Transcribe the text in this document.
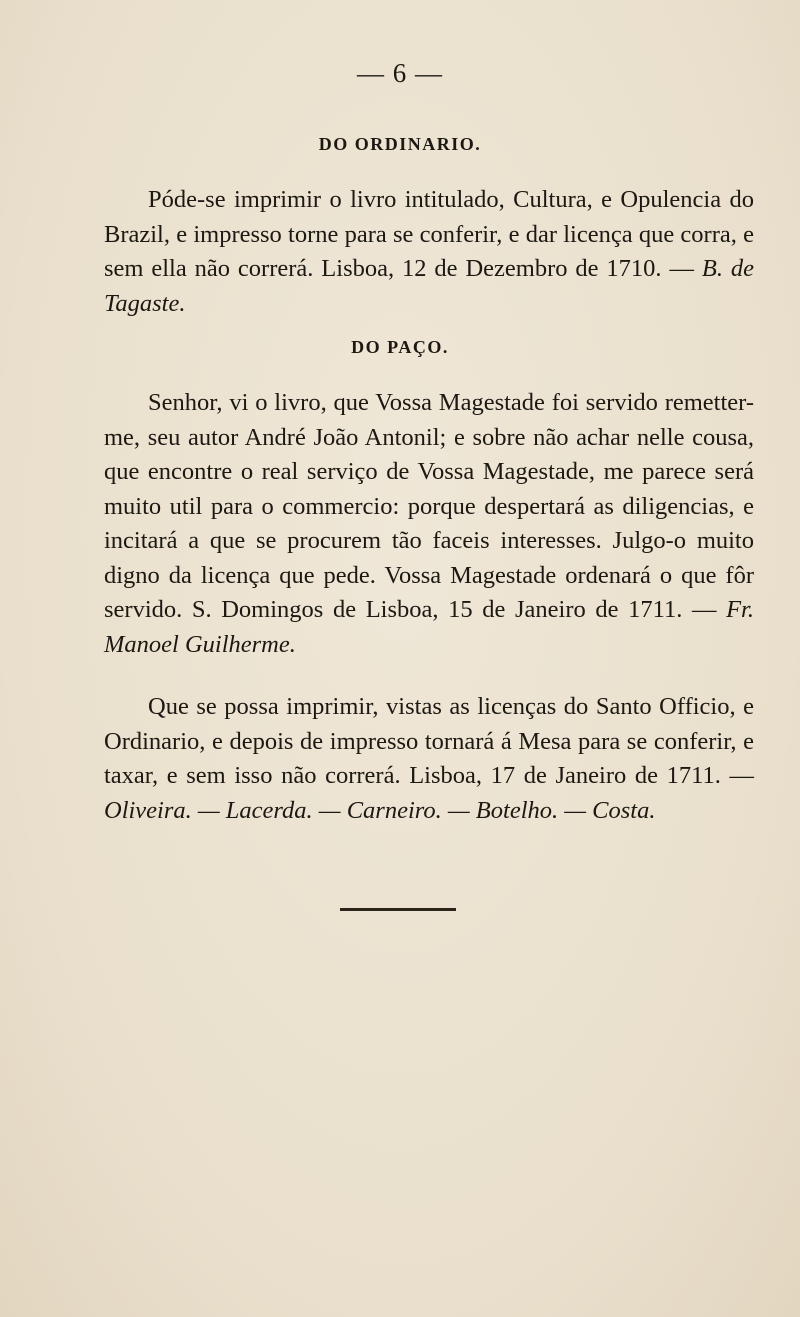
— 6 —
DO ORDINARIO.

Póde-se imprimir o livro intitulado, Cultura, e Opulencia do Brazil, e impresso torne para se conferir, e dar licença que corra, e sem ella não correrá. Lisboa, 12 de Dezembro de 1710. — B. de Tagaste.

DO PAÇO.

Senhor, vi o livro, que Vossa Magestade foi servido remetter-me, seu autor André João Antonil; e sobre não achar nelle cousa, que encontre o real serviço de Vossa Magestade, me parece será muito util para o commercio: porque despertará as diligencias, e incitará a que se procurem tão faceis interesses. Julgo-o muito digno da licença que pede. Vossa Magestade ordenará o que fôr servido. S. Domingos de Lisboa, 15 de Janeiro de 1711. — Fr. Manoel Guilherme.

Que se possa imprimir, vistas as licenças do Santo Officio, e Ordinario, e depois de impresso tornará á Mesa para se conferir, e taxar, e sem isso não correrá. Lisboa, 17 de Janeiro de 1711. — Oliveira. — Lacerda. — Carneiro. — Botelho. — Costa.
